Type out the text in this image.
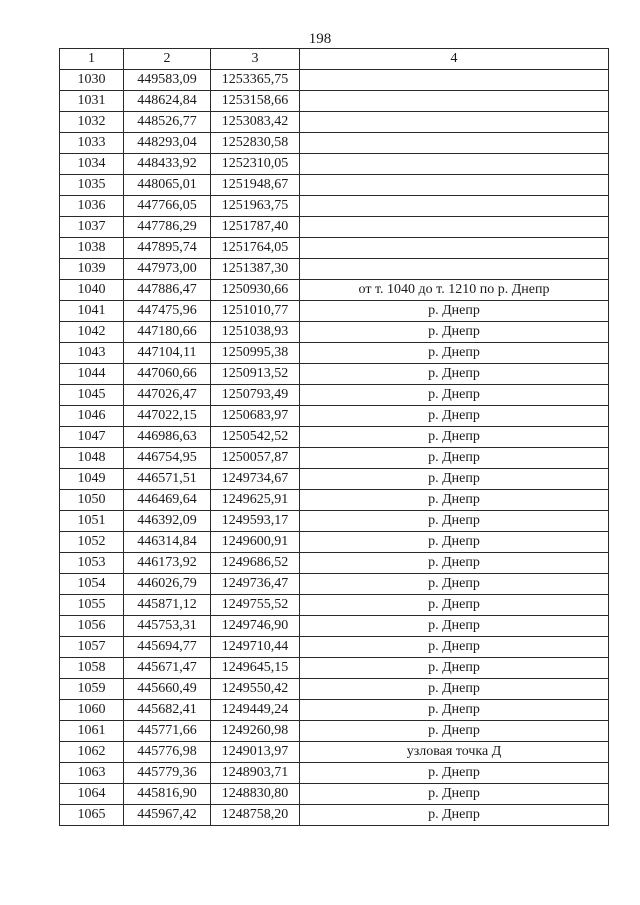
198
1	2	3	4
1030	449583,09	1253365,75	
1031	448624,84	1253158,66	
1032	448526,77	1253083,42	
1033	448293,04	1252830,58	
1034	448433,92	1252310,05	
1035	448065,01	1251948,67	
1036	447766,05	1251963,75	
1037	447786,29	1251787,40	
1038	447895,74	1251764,05	
1039	447973,00	1251387,30	
1040	447886,47	1250930,66	от т. 1040 до т. 1210 по р. Днепр
1041	447475,96	1251010,77	р. Днепр
1042	447180,66	1251038,93	р. Днепр
1043	447104,11	1250995,38	р. Днепр
1044	447060,66	1250913,52	р. Днепр
1045	447026,47	1250793,49	р. Днепр
1046	447022,15	1250683,97	р. Днепр
1047	446986,63	1250542,52	р. Днепр
1048	446754,95	1250057,87	р. Днепр
1049	446571,51	1249734,67	р. Днепр
1050	446469,64	1249625,91	р. Днепр
1051	446392,09	1249593,17	р. Днепр
1052	446314,84	1249600,91	р. Днепр
1053	446173,92	1249686,52	р. Днепр
1054	446026,79	1249736,47	р. Днепр
1055	445871,12	1249755,52	р. Днепр
1056	445753,31	1249746,90	р. Днепр
1057	445694,77	1249710,44	р. Днепр
1058	445671,47	1249645,15	р. Днепр
1059	445660,49	1249550,42	р. Днепр
1060	445682,41	1249449,24	р. Днепр
1061	445771,66	1249260,98	р. Днепр
1062	445776,98	1249013,97	узловая точка Д
1063	445779,36	1248903,71	р. Днепр
1064	445816,90	1248830,80	р. Днепр
1065	445967,42	1248758,20	р. Днепр
